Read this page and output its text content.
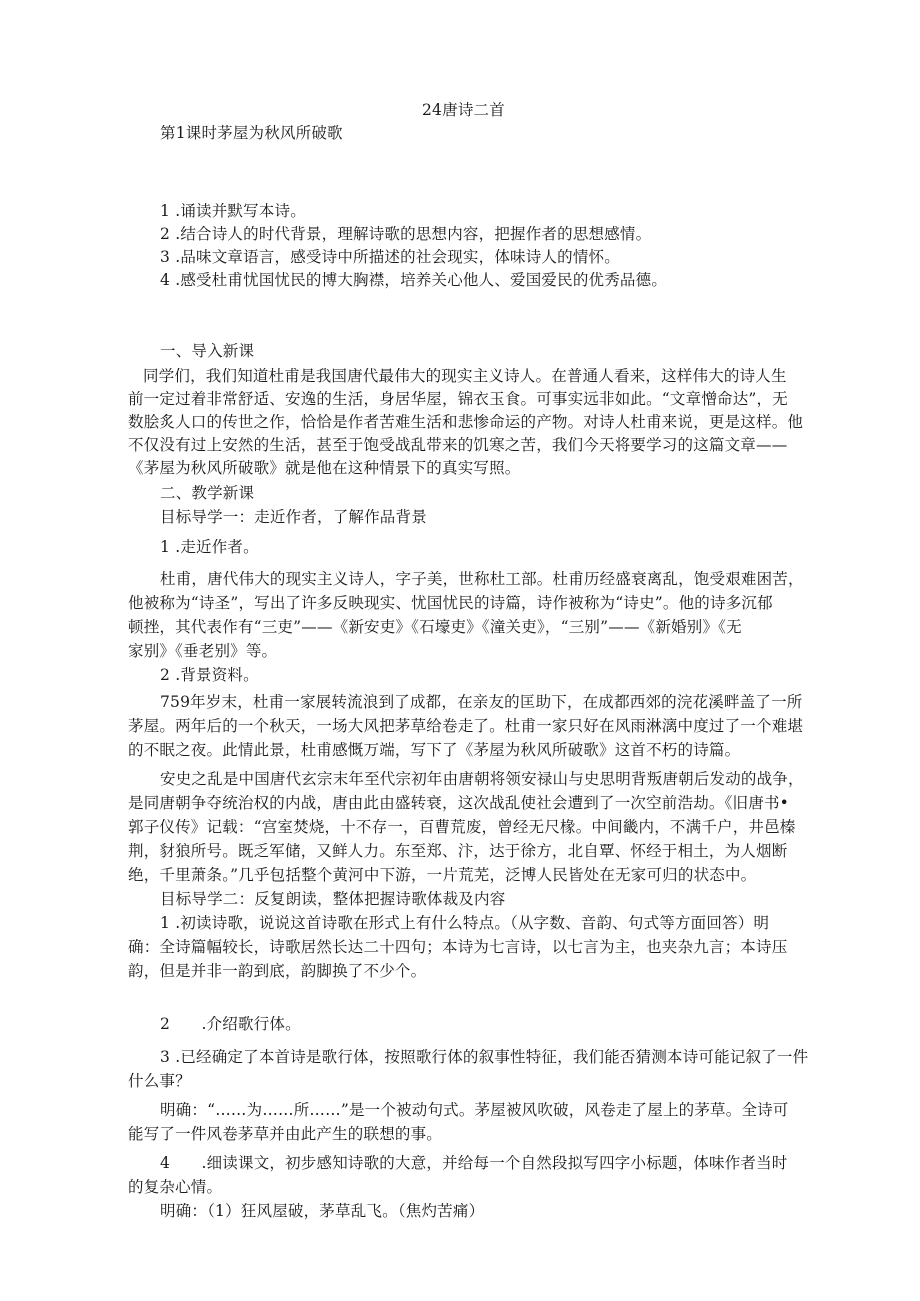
24唐诗二首

第1课时茅屋为秋风所破歌

1 .诵读并默写本诗。

2 .结合诗人的时代背景，理解诗歌的思想内容，把握作者的思想感情。

3 .品味文章语言，感受诗中所描述的社会现实，体味诗人的情怀。

4 .感受杜甫忧国忧民的博大胸襟，培养关心他人、爱国爱民的优秀品德。

一、导入新课

同学们，我们知道杜甫是我国唐代最伟大的现实主义诗人。在普通人看来，这样伟大的诗人生

前一定过着非常舒适、安逸的生活，身居华屋，锦衣玉食。可事实远非如此。“文章憎命达”，无

数脍炙人口的传世之作，恰恰是作者苦难生活和悲惨命运的产物。对诗人杜甫来说，更是这样。他

不仅没有过上安然的生活，甚至于饱受战乱带来的饥寒之苦，我们今天将要学习的这篇文章——

《茅屋为秋风所破歌》就是他在这种情景下的真实写照。

二、教学新课

目标导学一：走近作者，了解作品背景

1 .走近作者。

杜甫，唐代伟大的现实主义诗人，字子美，世称杜工部。杜甫历经盛衰离乱，饱受艰难困苦，

他被称为“诗圣”，写出了许多反映现实、忧国忧民的诗篇，诗作被称为“诗史”。他的诗多沉郁

顿挫，其代表作有“三吏”——《新安吏》《石壕吏》《潼关吏》，“三别”——《新婚别》《无

家别》《垂老别》等。

2 .背景资料。

759年岁末，杜甫一家展转流浪到了成都，在亲友的匡助下，在成都西郊的浣花溪畔盖了一所

茅屋。两年后的一个秋天，一场大风把茅草给卷走了。杜甫一家只好在风雨淋漓中度过了一个难堪

的不眠之夜。此情此景，杜甫感慨万端，写下了《茅屋为秋风所破歌》这首不朽的诗篇。

安史之乱是中国唐代玄宗末年至代宗初年由唐朝将领安禄山与史思明背叛唐朝后发动的战争，

是同唐朝争夺统治权的内战，唐由此由盛转衰，这次战乱使社会遭到了一次空前浩劫。《旧唐书•

郭子仪传》记载：“宫室焚烧，十不存一，百曹荒废，曾经无尺椽。中间畿内，不满千户，井邑榛

荆，豺狼所号。既乏军储，又鲜人力。东至郑、汴，达于徐方，北自覃、怀经于相土，为人烟断

绝，千里萧条。”几乎包括整个黄河中下游，一片荒芜，泛博人民皆处在无家可归的状态中。

目标导学二：反复朗读，整体把握诗歌体裁及内容

1 .初读诗歌，说说这首诗歌在形式上有什么特点。（从字数、音韵、句式等方面回答）明

确：全诗篇幅较长，诗歌居然长达二十四句；本诗为七言诗，以七言为主，也夹杂九言；本诗压

韵，但是并非一韵到底，韵脚换了不少个。

2　　.介绍歌行体。

3 .已经确定了本首诗是歌行体，按照歌行体的叙事性特征，我们能否猜测本诗可能记叙了一件

什么事？

明确：“……为……所……”是一个被动句式。茅屋被风吹破，风卷走了屋上的茅草。全诗可

能写了一件风卷茅草并由此产生的联想的事。

4　　.细读课文，初步感知诗歌的大意，并给每一个自然段拟写四字小标题，体味作者当时

的复杂心情。

明确：（1）狂风屋破，茅草乱飞。（焦灼苦痛）
